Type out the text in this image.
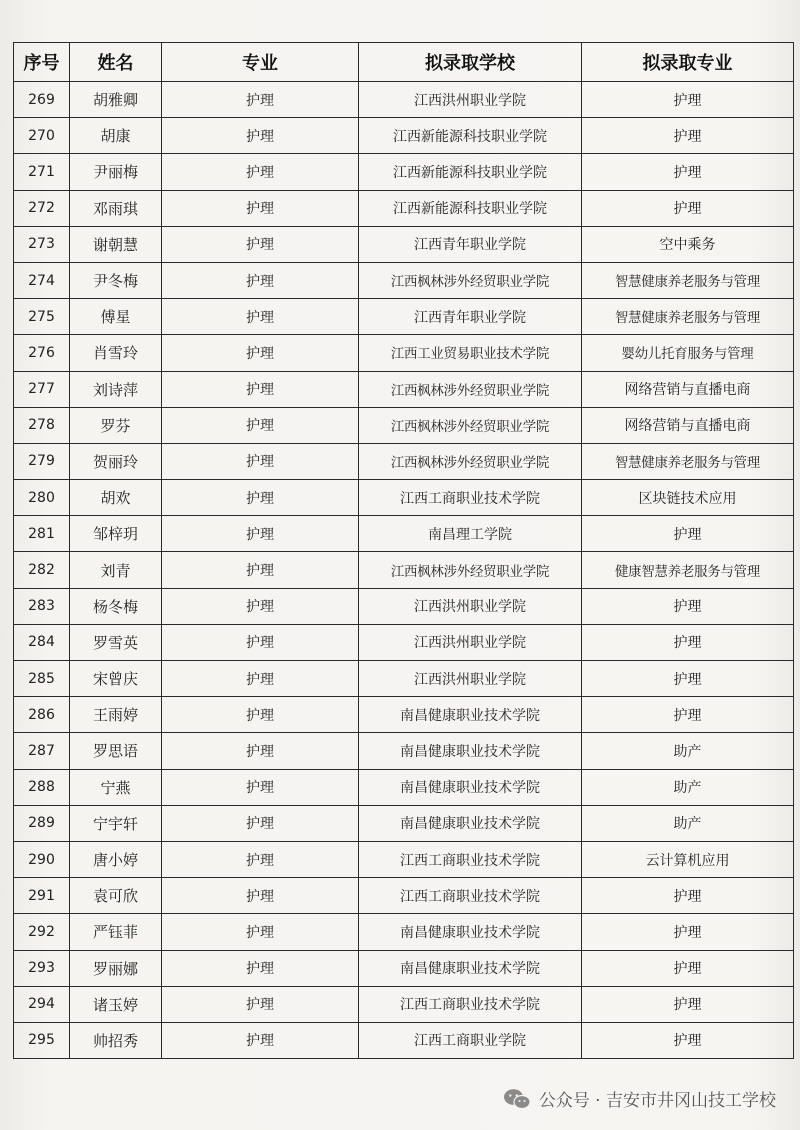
序号	姓名	专业	拟录取学校	拟录取专业
269	胡雅卿	护理	江西洪州职业学院	护理
270	胡康	护理	江西新能源科技职业学院	护理
271	尹丽梅	护理	江西新能源科技职业学院	护理
272	邓雨琪	护理	江西新能源科技职业学院	护理
273	谢朝慧	护理	江西青年职业学院	空中乘务
274	尹冬梅	护理	江西枫林涉外经贸职业学院	智慧健康养老服务与管理
275	傅星	护理	江西青年职业学院	智慧健康养老服务与管理
276	肖雪玲	护理	江西工业贸易职业技术学院	婴幼儿托育服务与管理
277	刘诗萍	护理	江西枫林涉外经贸职业学院	网络营销与直播电商
278	罗芬	护理	江西枫林涉外经贸职业学院	网络营销与直播电商
279	贺丽玲	护理	江西枫林涉外经贸职业学院	智慧健康养老服务与管理
280	胡欢	护理	江西工商职业技术学院	区块链技术应用
281	邹梓玥	护理	南昌理工学院	护理
282	刘青	护理	江西枫林涉外经贸职业学院	健康智慧养老服务与管理
283	杨冬梅	护理	江西洪州职业学院	护理
284	罗雪英	护理	江西洪州职业学院	护理
285	宋曾庆	护理	江西洪州职业学院	护理
286	王雨婷	护理	南昌健康职业技术学院	护理
287	罗思语	护理	南昌健康职业技术学院	助产
288	宁燕	护理	南昌健康职业技术学院	助产
289	宁宇轩	护理	南昌健康职业技术学院	助产
290	唐小婷	护理	江西工商职业技术学院	云计算机应用
291	袁可欣	护理	江西工商职业技术学院	护理
292	严钰菲	护理	南昌健康职业技术学院	护理
293	罗丽娜	护理	南昌健康职业技术学院	护理
294	诸玉婷	护理	江西工商职业技术学院	护理
295	帅招秀	护理	江西工商职业学院	护理
公众号 · 吉安市井冈山技工学校
